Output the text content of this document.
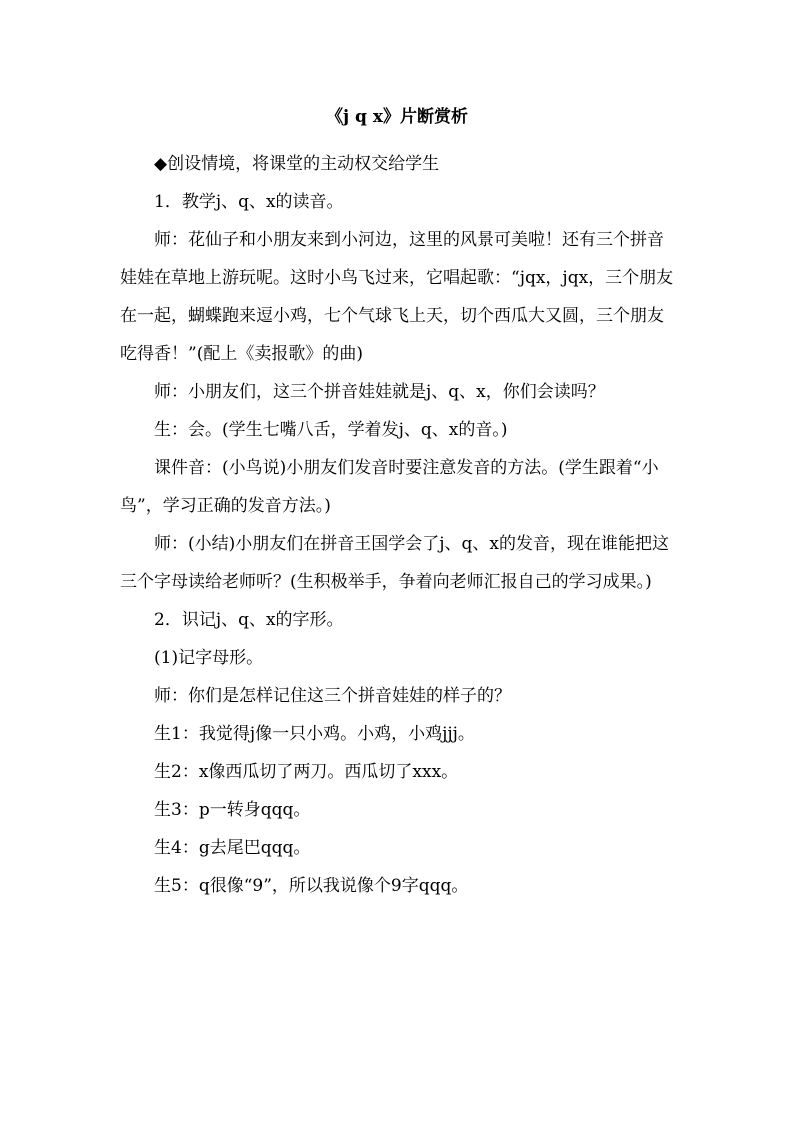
《j q x》片断赏析

◆创设情境，将课堂的主动权交给学生

1．教学j、q、x的读音。

师：花仙子和小朋友来到小河边，这里的风景可美啦！还有三个拼音娃娃在草地上游玩呢。这时小鸟飞过来，它唱起歌：“jqx，jqx，三个朋友在一起，蝴蝶跑来逗小鸡，七个气球飞上天，切个西瓜大又圆，三个朋友吃得香！”(配上《卖报歌》的曲)

师：小朋友们，这三个拼音娃娃就是j、q、x，你们会读吗？

生：会。(学生七嘴八舌，学着发j、q、x的音。)

课件音：(小鸟说)小朋友们发音时要注意发音的方法。(学生跟着“小鸟”，学习正确的发音方法。)

师：(小结)小朋友们在拼音王国学会了j、q、x的发音，现在谁能把这三个字母读给老师听？(生积极举手，争着向老师汇报自己的学习成果。)

2．识记j、q、x的字形。

(1)记字母形。

师：你们是怎样记住这三个拼音娃娃的样子的？

生1：我觉得j像一只小鸡。小鸡，小鸡jjj。

生2：x像西瓜切了两刀。西瓜切了xxx。

生3：p一转身qqq。

生4：g去尾巴qqq。

生5：q很像“9”，所以我说像个9字qqq。
